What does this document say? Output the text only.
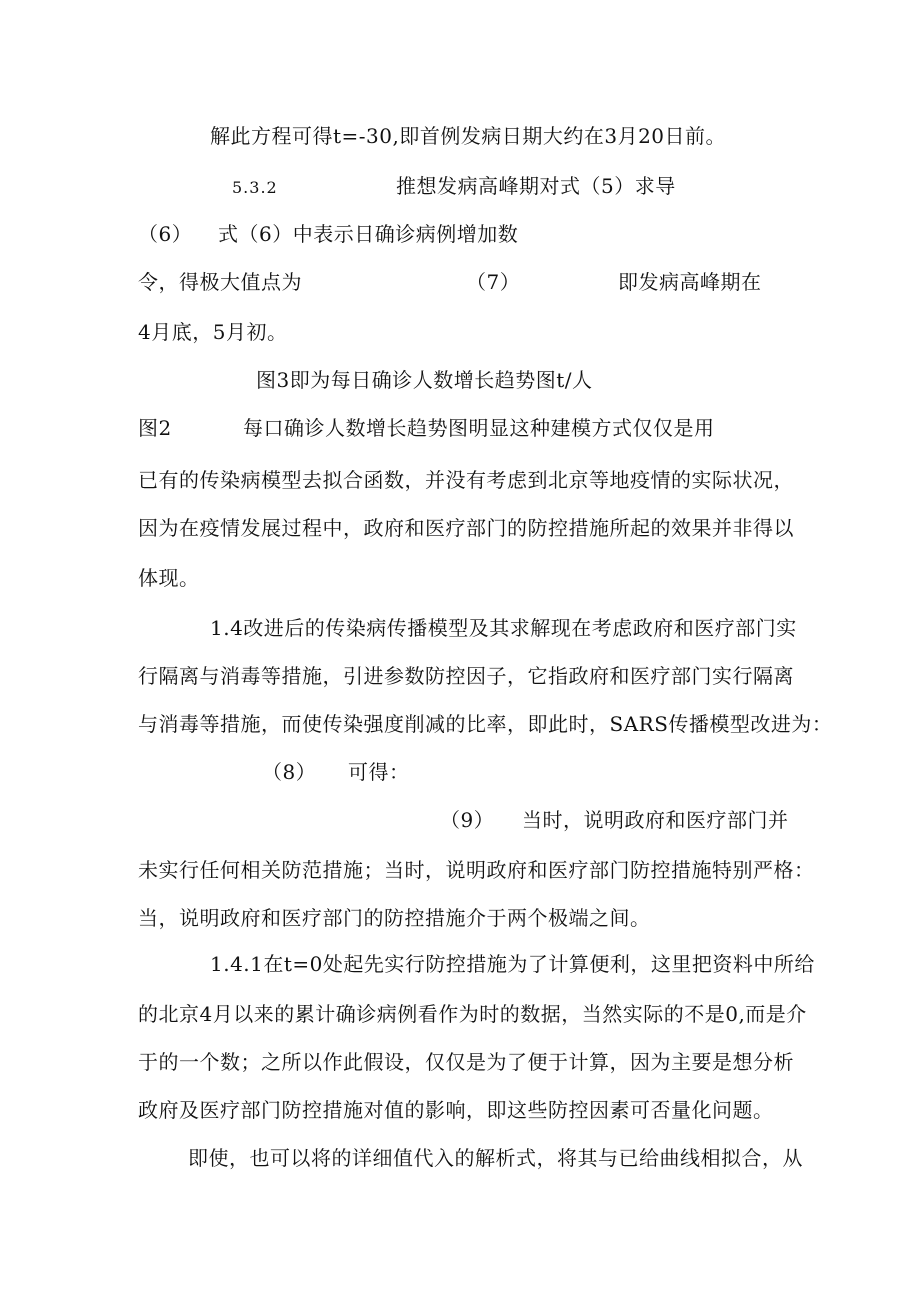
解此方程可得t=-30,即首例发病日期大约在3月20日前。
5.3.2	推想发病高峰期对式（5）求导
（6） 式（6）中表示日确诊病例增加数
令，得极大值点为	（7）	即发病高峰期在
4月底，5月初。
图3即为每日确诊人数增长趋势图t/人
图2	每口确诊人数增长趋势图明显这种建模方式仅仅是用
已有的传染病模型去拟合函数，并没有考虑到北京等地疫情的实际状况，
因为在疫情发展过程中，政府和医疗部门的防控措施所起的效果并非得以
体现。
1.4改进后的传染病传播模型及其求解现在考虑政府和医疗部门实
行隔离与消毒等措施，引进参数防控因子，它指政府和医疗部门实行隔离
与消毒等措施，而使传染强度削减的比率，即此时，SARS传播模型改进为：
（8） 可得：
（9） 当时，说明政府和医疗部门并
未实行任何相关防范措施；当时，说明政府和医疗部门防控措施特别严格：
当，说明政府和医疗部门的防控措施介于两个极端之间。
1.4.1在t=0处起先实行防控措施为了计算便利，这里把资料中所给
的北京4月以来的累计确诊病例看作为时的数据，当然实际的不是0,而是介
于的一个数；之所以作此假设，仅仅是为了便于计算，因为主要是想分析
政府及医疗部门防控措施对值的影响，即这些防控因素可否量化问题。
即使，也可以将的详细值代入的解析式，将其与已给曲线相拟合，从
